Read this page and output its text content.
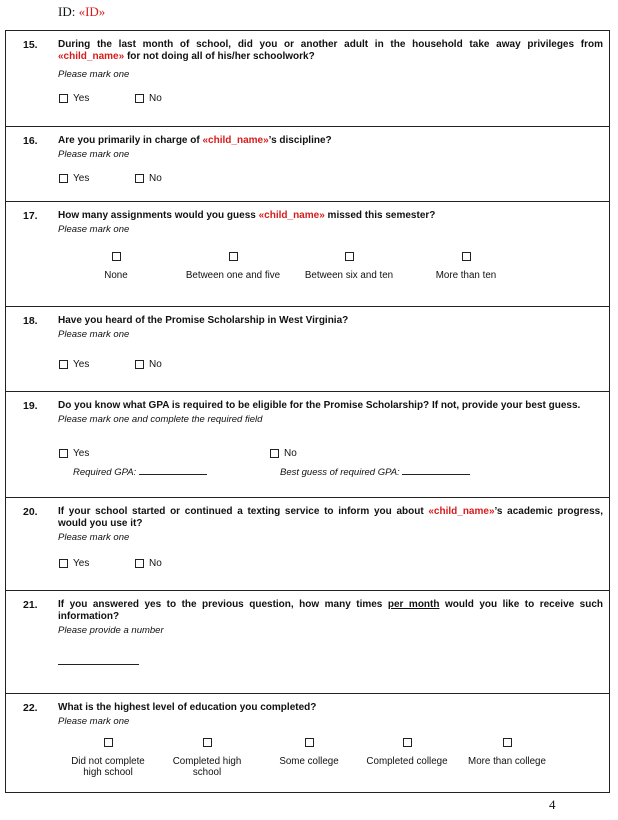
ID: «ID»
15. During the last month of school, did you or another adult in the household take away privileges from «child_name» for not doing all of his/her schoolwork?
Please mark one
Yes	No
16. Are you primarily in charge of «child_name»’s discipline?
Please mark one
Yes	No
17. How many assignments would you guess «child_name» missed this semester?
Please mark one
None	Between one and five	Between six and ten	More than ten
18. Have you heard of the Promise Scholarship in West Virginia?
Please mark one
Yes	No
19. Do you know what GPA is required to be eligible for the Promise Scholarship? If not, provide your best guess.
Please mark one and complete the required field
Yes	No
Required GPA:	Best guess of required GPA:
20. If your school started or continued a texting service to inform you about «child_name»’s academic progress, would you use it?
Please mark one
Yes	No
21. If you answered yes to the previous question, how many times per month would you like to receive such information?
Please provide a number
22. What is the highest level of education you completed?
Please mark one
Did not complete high school
Completed high school
Some college	Completed college	More than college
4
